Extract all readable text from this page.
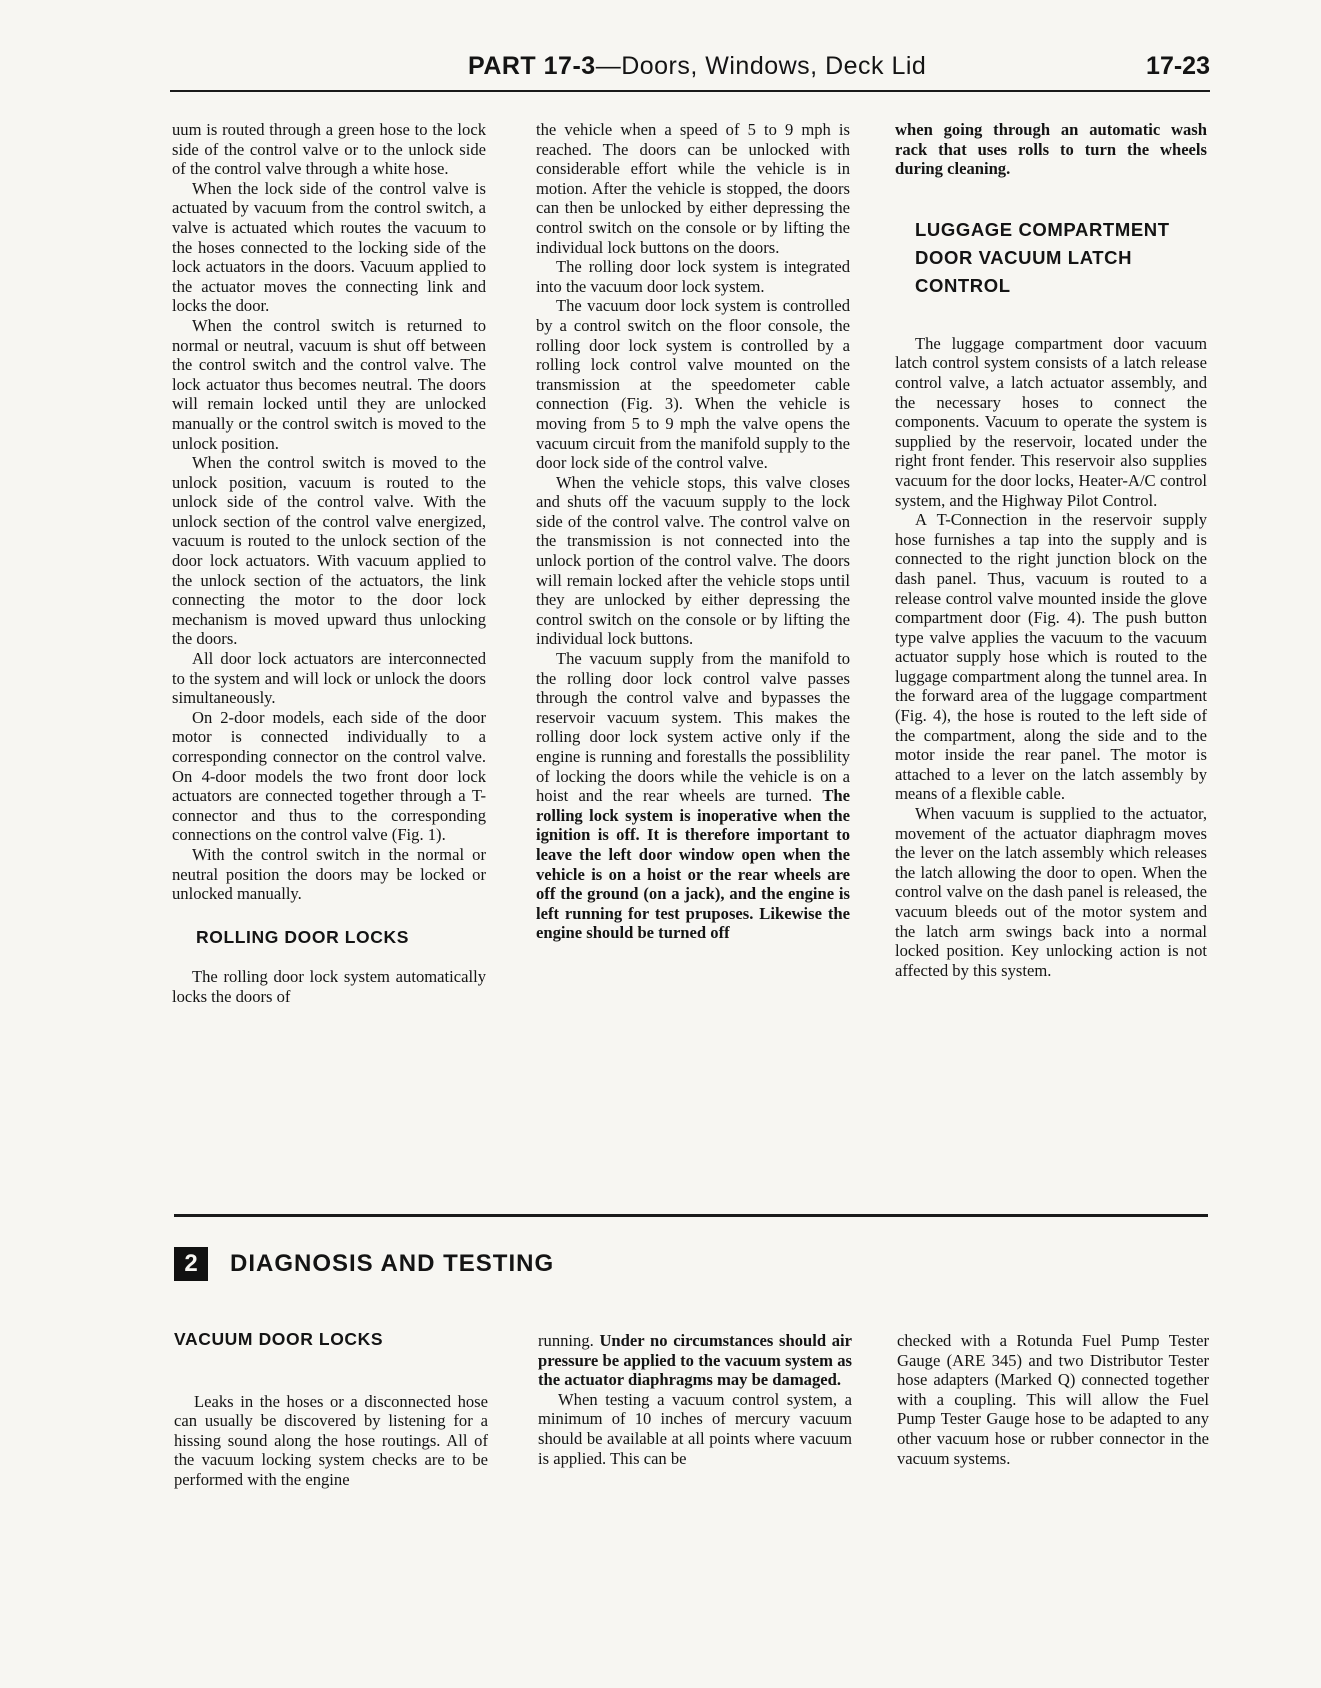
PART 17-3—Doors, Windows, Deck Lid	17-23

uum is routed through a green hose to the lock side of the control valve or to the unlock side of the control valve through a white hose.

When the lock side of the control valve is actuated by vacuum from the control switch, a valve is actuated which routes the vacuum to the hoses connected to the locking side of the lock actuators in the doors. Vacuum applied to the actuator moves the connecting link and locks the door.

When the control switch is returned to normal or neutral, vacuum is shut off between the control switch and the control valve. The lock actuator thus becomes neutral. The doors will remain locked until they are unlocked manually or the control switch is moved to the unlock position.

When the control switch is moved to the unlock position, vacuum is routed to the unlock side of the control valve. With the unlock section of the control valve energized, vacuum is routed to the unlock section of the door lock actuators. With vacuum applied to the unlock section of the actuators, the link connecting the motor to the door lock mechanism is moved upward thus unlocking the doors.

All door lock actuators are interconnected to the system and will lock or unlock the doors simultaneously.

On 2-door models, each side of the door motor is connected individually to a corresponding connector on the control valve. On 4-door models the two front door lock actuators are connected together through a T-connector and thus to the corresponding connections on the control valve (Fig. 1).

With the control switch in the normal or neutral position the doors may be locked or unlocked manually.

ROLLING DOOR LOCKS

The rolling door lock system automatically locks the doors of

the vehicle when a speed of 5 to 9 mph is reached. The doors can be unlocked with considerable effort while the vehicle is in motion. After the vehicle is stopped, the doors can then be unlocked by either depressing the control switch on the console or by lifting the individual lock buttons on the doors.

The rolling door lock system is integrated into the vacuum door lock system.

The vacuum door lock system is controlled by a control switch on the floor console, the rolling door lock system is controlled by a rolling lock control valve mounted on the transmission at the speedometer cable connection (Fig. 3). When the vehicle is moving from 5 to 9 mph the valve opens the vacuum circuit from the manifold supply to the door lock side of the control valve.

When the vehicle stops, this valve closes and shuts off the vacuum supply to the lock side of the control valve. The control valve on the transmission is not connected into the unlock portion of the control valve. The doors will remain locked after the vehicle stops until they are unlocked by either depressing the control switch on the console or by lifting the individual lock buttons.

The vacuum supply from the manifold to the rolling door lock control valve passes through the control valve and bypasses the reservoir vacuum system. This makes the rolling door lock system active only if the engine is running and forestalls the possiblility of locking the doors while the vehicle is on a hoist and the rear wheels are turned. The rolling lock system is inoperative when the ignition is off. It is therefore important to leave the left door window open when the vehicle is on a hoist or the rear wheels are off the ground (on a jack), and the engine is left running for test pruposes. Likewise the engine should be turned off

when going through an automatic wash rack that uses rolls to turn the wheels during cleaning.

LUGGAGE COMPARTMENT DOOR VACUUM LATCH CONTROL

The luggage compartment door vacuum latch control system consists of a latch release control valve, a latch actuator assembly, and the necessary hoses to connect the components. Vacuum to operate the system is supplied by the reservoir, located under the right front fender. This reservoir also supplies vacuum for the door locks, Heater-A/C control system, and the Highway Pilot Control.

A T-Connection in the reservoir supply hose furnishes a tap into the supply and is connected to the right junction block on the dash panel. Thus, vacuum is routed to a release control valve mounted inside the glove compartment door (Fig. 4). The push button type valve applies the vacuum to the vacuum actuator supply hose which is routed to the luggage compartment along the tunnel area. In the forward area of the luggage compartment (Fig. 4), the hose is routed to the left side of the compartment, along the side and to the motor inside the rear panel. The motor is attached to a lever on the latch assembly by means of a flexible cable.

When vacuum is supplied to the actuator, movement of the actuator diaphragm moves the lever on the latch assembly which releases the latch allowing the door to open. When the control valve on the dash panel is released, the vacuum bleeds out of the motor system and the latch arm swings back into a normal locked position. Key unlocking action is not affected by this system.

2	DIAGNOSIS AND TESTING
VACUUM DOOR LOCKS

Leaks in the hoses or a disconnected hose can usually be discovered by listening for a hissing sound along the hose routings. All of the vacuum locking system checks are to be performed with the engine

running. Under no circumstances should air pressure be applied to the vacuum system as the actuator diaphragms may be damaged.

When testing a vacuum control system, a minimum of 10 inches of mercury vacuum should be available at all points where vacuum is applied. This can be

checked with a Rotunda Fuel Pump Tester Gauge (ARE 345) and two Distributor Tester hose adapters (Marked Q) connected together with a coupling. This will allow the Fuel Pump Tester Gauge hose to be adapted to any other vacuum hose or rubber connector in the vacuum systems.
